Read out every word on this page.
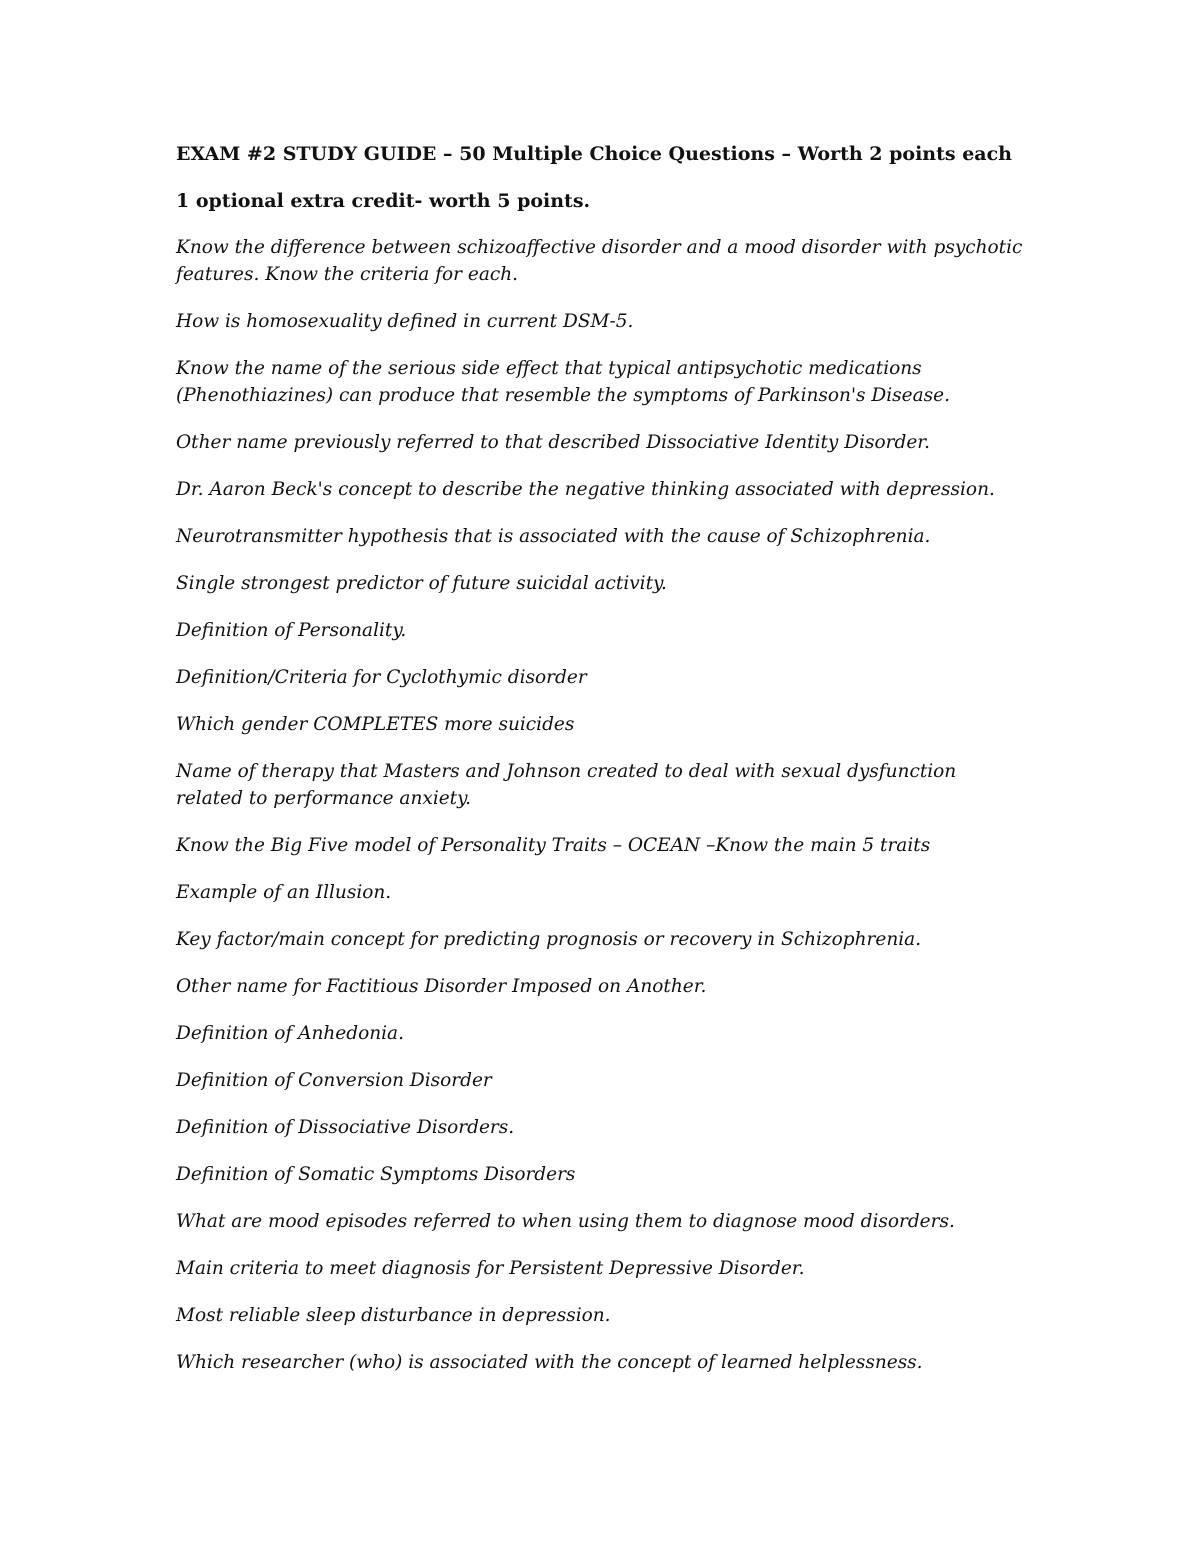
EXAM #2 STUDY GUIDE – 50 Multiple Choice Questions – Worth 2 points each

1 optional extra credit- worth 5 points.

Know the difference between schizoaffective disorder and a mood disorder with psychotic features. Know the criteria for each.
How is homosexuality defined in current DSM-5.
Know the name of the serious side effect that typical antipsychotic medications (Phenothiazines) can produce that resemble the symptoms of Parkinson's Disease.
Other name previously referred to that described Dissociative Identity Disorder.
Dr. Aaron Beck's concept to describe the negative thinking associated with depression.
Neurotransmitter hypothesis that is associated with the cause of Schizophrenia.
Single strongest predictor of future suicidal activity.
Definition of Personality.
Definition/Criteria for Cyclothymic disorder
Which gender COMPLETES more suicides
Name of therapy that Masters and Johnson created to deal with sexual dysfunction related to performance anxiety.
Know the Big Five model of Personality Traits – OCEAN –Know the main 5 traits
Example of an Illusion.
Key factor/main concept for predicting prognosis or recovery in Schizophrenia.
Other name for Factitious Disorder Imposed on Another.
Definition of Anhedonia.
Definition of Conversion Disorder
Definition of Dissociative Disorders.
Definition of Somatic Symptoms Disorders
What are mood episodes referred to when using them to diagnose mood disorders.
Main criteria to meet diagnosis for Persistent Depressive Disorder.
Most reliable sleep disturbance in depression.
Which researcher (who) is associated with the concept of learned helplessness.
